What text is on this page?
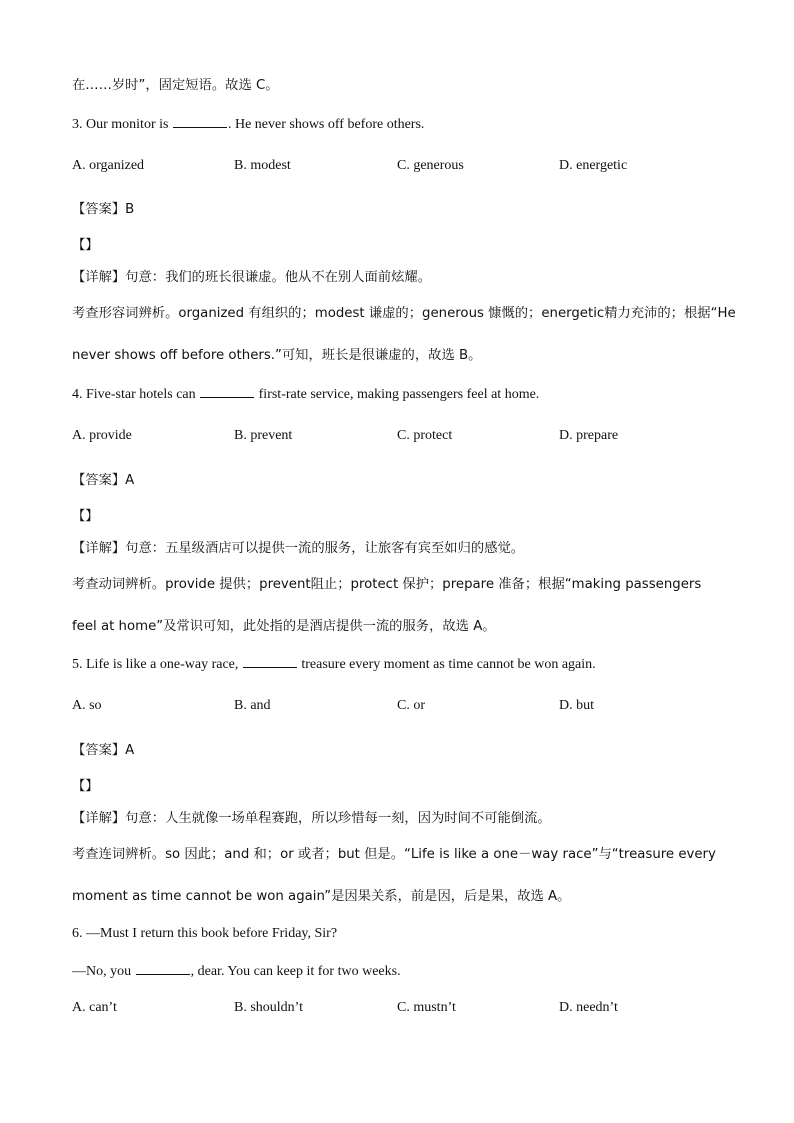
在……岁时”，固定短语。故选 C。
3. Our monitor is	. He never shows off before others.
A. organized	B. modest	C. generous	D. energetic
【答案】B
【】
【详解】句意：我们的班长很谦虚。他从不在别人面前炫耀。
考查形容词辨析。organized 有组织的；modest 谦虚的；generous 慷慨的；energetic精力充沛的；根据“He
never shows off before others.”可知，班长是很谦虚的，故选 B。
4. Five-star hotels can	first-rate service, making passengers feel at home.
A. provide	B. prevent	C. protect	D. prepare
【答案】A
【】
【详解】句意：五星级酒店可以提供一流的服务，让旅客有宾至如归的感觉。
考查动词辨析。provide 提供；prevent阻止；protect 保护；prepare 准备；根据“making passengers
feel at home”及常识可知，此处指的是酒店提供一流的服务，故选 A。
5. Life is like a one-way race,	treasure every moment as time cannot be won again.
A. so	B. and	C. or	D. but
【答案】A
【】
【详解】句意：人生就像一场单程赛跑，所以珍惜每一刻，因为时间不可能倒流。
考查连词辨析。so 因此；and 和；or 或者；but 但是。“Life is like a one－way race”与“treasure every
moment as time cannot be won again”是因果关系，前是因，后是果，故选 A。
6. —Must I return this book before Friday, Sir?
—No, you	, dear. You can keep it for two weeks.
A. can’t	B. shouldn’t	C. mustn’t	D. needn’t
